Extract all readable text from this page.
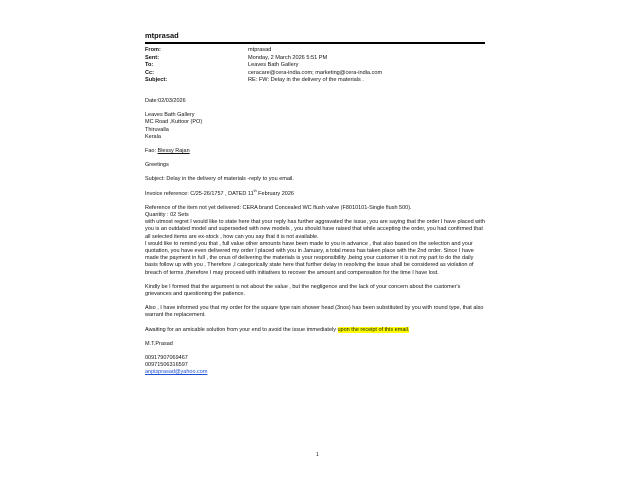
mtprasad
From:	mtprasad
Sent:	Monday, 2 March 2026 5:51 PM
To:	Leaves Bath Gallery
Cc:	ceracare@cera-india.com; marketing@cera-india.com
Subject:	RE: FW: Delay in the delivery of the materials .

Date:02/03/2026

Leaves Bath Gallery

MC Road ,Kuttoor (PO)

Thiruvalla

Kerala

Fao: Blessy Rajan

Greetings

Subject: Delay in the delivery of materials -reply to you email.

Invoice reference: C/25-26/1757 , DATED 11th February 2026

Reference of the item not yet delivered: CERA brand Concealed WC flush valve (F8010101-Single flush 500).

Quantity : 02 Sets

with utmost regret I would like to state here that your reply has further aggravated the issue, you are saying that the order I have placed with you is an outdated model and superseded with new models , you should have raised that while accepting the order, you had confirmed that all selected items are ex-stock , how can you say that it is not available.

I would like to remind you that , full value other amounts have been made to you in advance , that also based on the selection and your quotation, you have even delivered my order I placed with you in January, a total mess has taken place with the 2nd order. Since I have made the payment in full , the onus of delivering the materials is your responsibility ,being your customer it is not my part to do the daily basis follow up with you , Therefore ,I categorically state here that further delay in resolving the issue shall be considered as violation of breach of terms ,therefore I may proceed with initiatives to recover the amount and compensation for the time I have lost.

Kindly be I formed that the argument is not about the value , but the negligence and the lack of your concern about the customer's grievances and questioning the patience.

Also , I have informed you that my order for the square type rain shower head (3nos) has been substituted by you with round type, that also warrant the replacement.

Awaiting for an amicable solution from your end to avoid the issue immediately upon the receipt of this email.

M.T.Prasad

00917907069467

00971506316597

anpisprasad@yahoo.com

1
